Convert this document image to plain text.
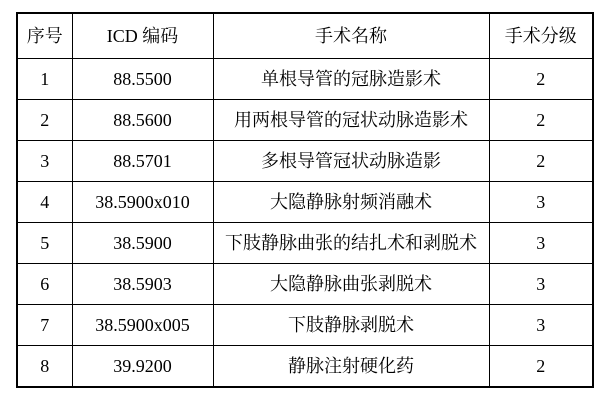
序号	ICD 编码	手术名称	手术分级
1	88.5500	单根导管的冠脉造影术	2
2	88.5600	用两根导管的冠状动脉造影术	2
3	88.5701	多根导管冠状动脉造影	2
4	38.5900x010	大隐静脉射频消融术	3
5	38.5900	下肢静脉曲张的结扎术和剥脱术	3
6	38.5903	大隐静脉曲张剥脱术	3
7	38.5900x005	下肢静脉剥脱术	3
8	39.9200	静脉注射硬化药	2
